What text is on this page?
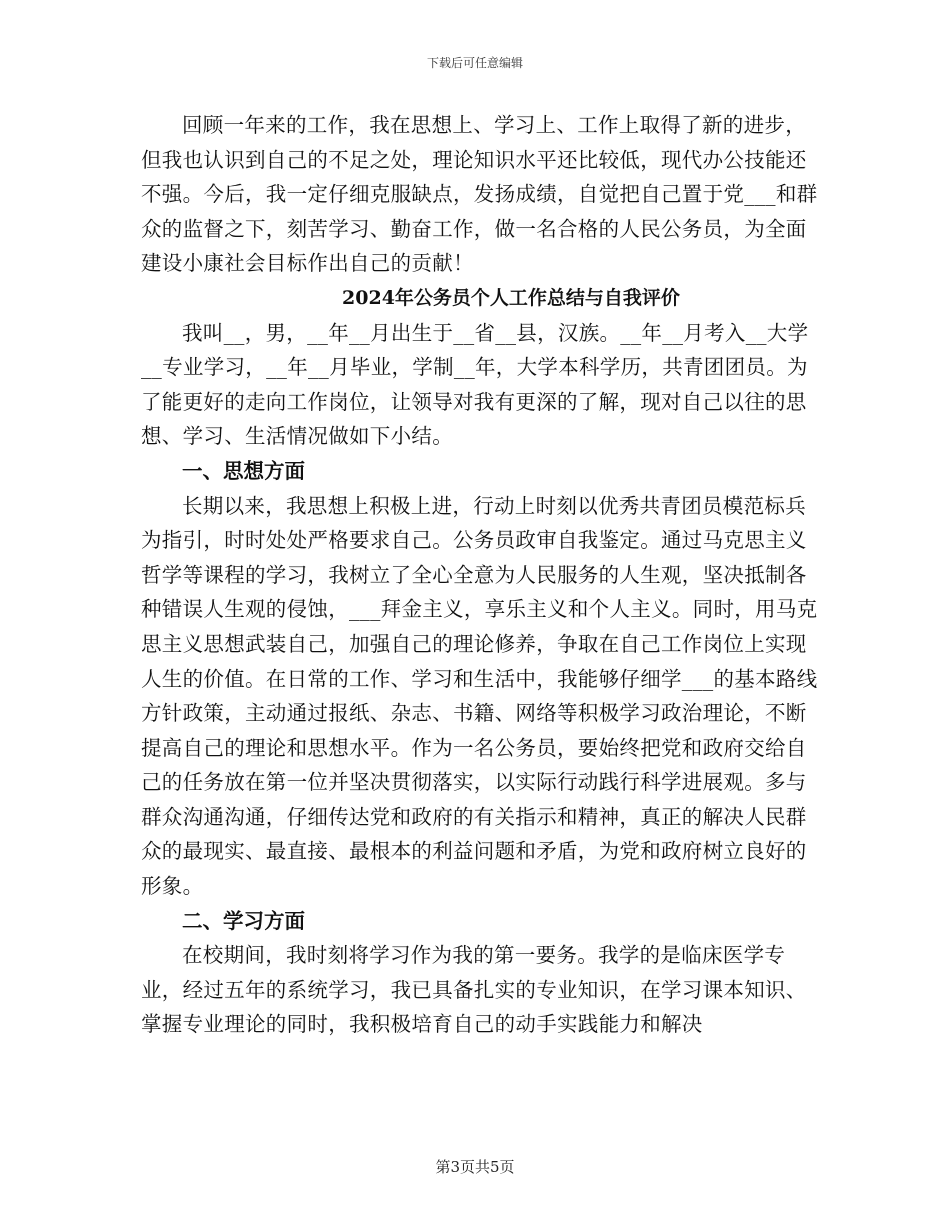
下载后可任意编辑

回顾一年来的工作，我在思想上、学习上、工作上取得了新的进步，但我也认识到自己的不足之处，理论知识水平还比较低，现代办公技能还不强。今后，我一定仔细克服缺点，发扬成绩，自觉把自己置于党___和群众的监督之下，刻苦学习、勤奋工作，做一名合格的人民公务员，为全面建设小康社会目标作出自己的贡献！

2024年公务员个人工作总结与自我评价

我叫__，男，__年__月出生于__省__县，汉族。__年__月考入__大学__专业学习，__年__月毕业，学制__年，大学本科学历，共青团团员。为了能更好的走向工作岗位，让领导对我有更深的了解，现对自己以往的思想、学习、生活情况做如下小结。

一、思想方面

长期以来，我思想上积极上进，行动上时刻以优秀共青团员模范标兵为指引，时时处处严格要求自己。公务员政审自我鉴定。通过马克思主义哲学等课程的学习，我树立了全心全意为人民服务的人生观，坚决抵制各种错误人生观的侵蚀，___拜金主义，享乐主义和个人主义。同时，用马克思主义思想武装自己，加强自己的理论修养，争取在自己工作岗位上实现人生的价值。在日常的工作、学习和生活中，我能够仔细学___的基本路线方针政策，主动通过报纸、杂志、书籍、网络等积极学习政治理论，不断提高自己的理论和思想水平。作为一名公务员，要始终把党和政府交给自己的任务放在第一位并坚决贯彻落实，以实际行动践行科学进展观。多与群众沟通沟通，仔细传达党和政府的有关指示和精神，真正的解决人民群众的最现实、最直接、最根本的利益问题和矛盾，为党和政府树立良好的形象。

二、学习方面

在校期间，我时刻将学习作为我的第一要务。我学的是临床医学专业，经过五年的系统学习，我已具备扎实的专业知识，在学习课本知识、掌握专业理论的同时，我积极培育自己的动手实践能力和解决

第3页共5页
